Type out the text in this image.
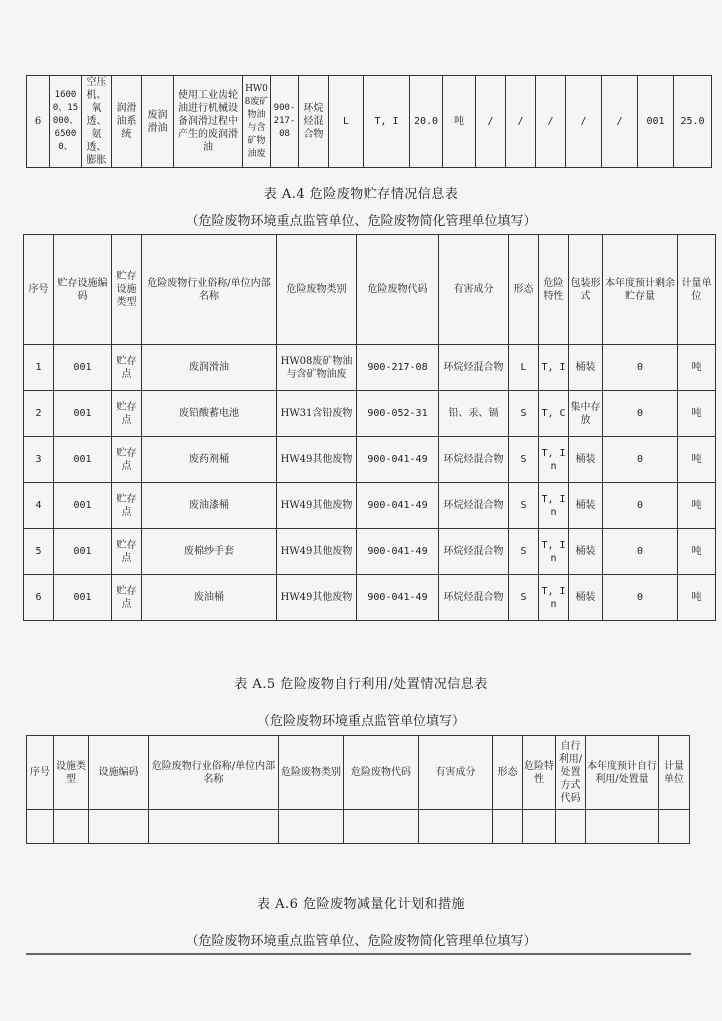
6	16000、15000、65000、	空压机、氧透、氨透、膨胀	润滑油系统	废润滑油	使用工业齿轮油进行机械设备润滑过程中产生的废润滑油	HW08废矿物油与含矿物油废	900-217-08	环烷烃混合物	L	T, I	20.0	吨	/	/	/	/	/	001	25.0
表 A.4 危险废物贮存情况信息表
（危险废物环境重点监管单位、危险废物简化管理单位填写）
序号	贮存设施编码	贮存设施类型	危险废物行业俗称/单位内部名称	危险废物类别	危险废物代码	有害成分	形态	危险特性	包装形式	本年度预计剩余贮存量	计量单位
1	001	贮存点	废润滑油	HW08废矿物油与含矿物油废	900-217-08	环烷烃混合物	L	T, I	桶装	0	吨
2	001	贮存点	废铅酸蓄电池	HW31含铅废物	900-052-31	铅、汞、镉	S	T, C	集中存放	0	吨
3	001	贮存点	废药剂桶	HW49其他废物	900-041-49	环烷烃混合物	S	T, In	桶装	0	吨
4	001	贮存点	废油漆桶	HW49其他废物	900-041-49	环烷烃混合物	S	T, In	桶装	0	吨
5	001	贮存点	废棉纱手套	HW49其他废物	900-041-49	环烷烃混合物	S	T, In	桶装	0	吨
6	001	贮存点	废油桶	HW49其他废物	900-041-49	环烷烃混合物	S	T, In	桶装	0	吨
表 A.5 危险废物自行利用/处置情况信息表
（危险废物环境重点监管单位填写）
序号	设施类型	设施编码	危险废物行业俗称/单位内部名称	危险废物类别	危险废物代码	有害成分	形态	危险特性	自行利用/处置方式代码	本年度预计自行利用/处置量	计量单位

表 A.6 危险废物减量化计划和措施
（危险废物环境重点监管单位、危险废物简化管理单位填写）
